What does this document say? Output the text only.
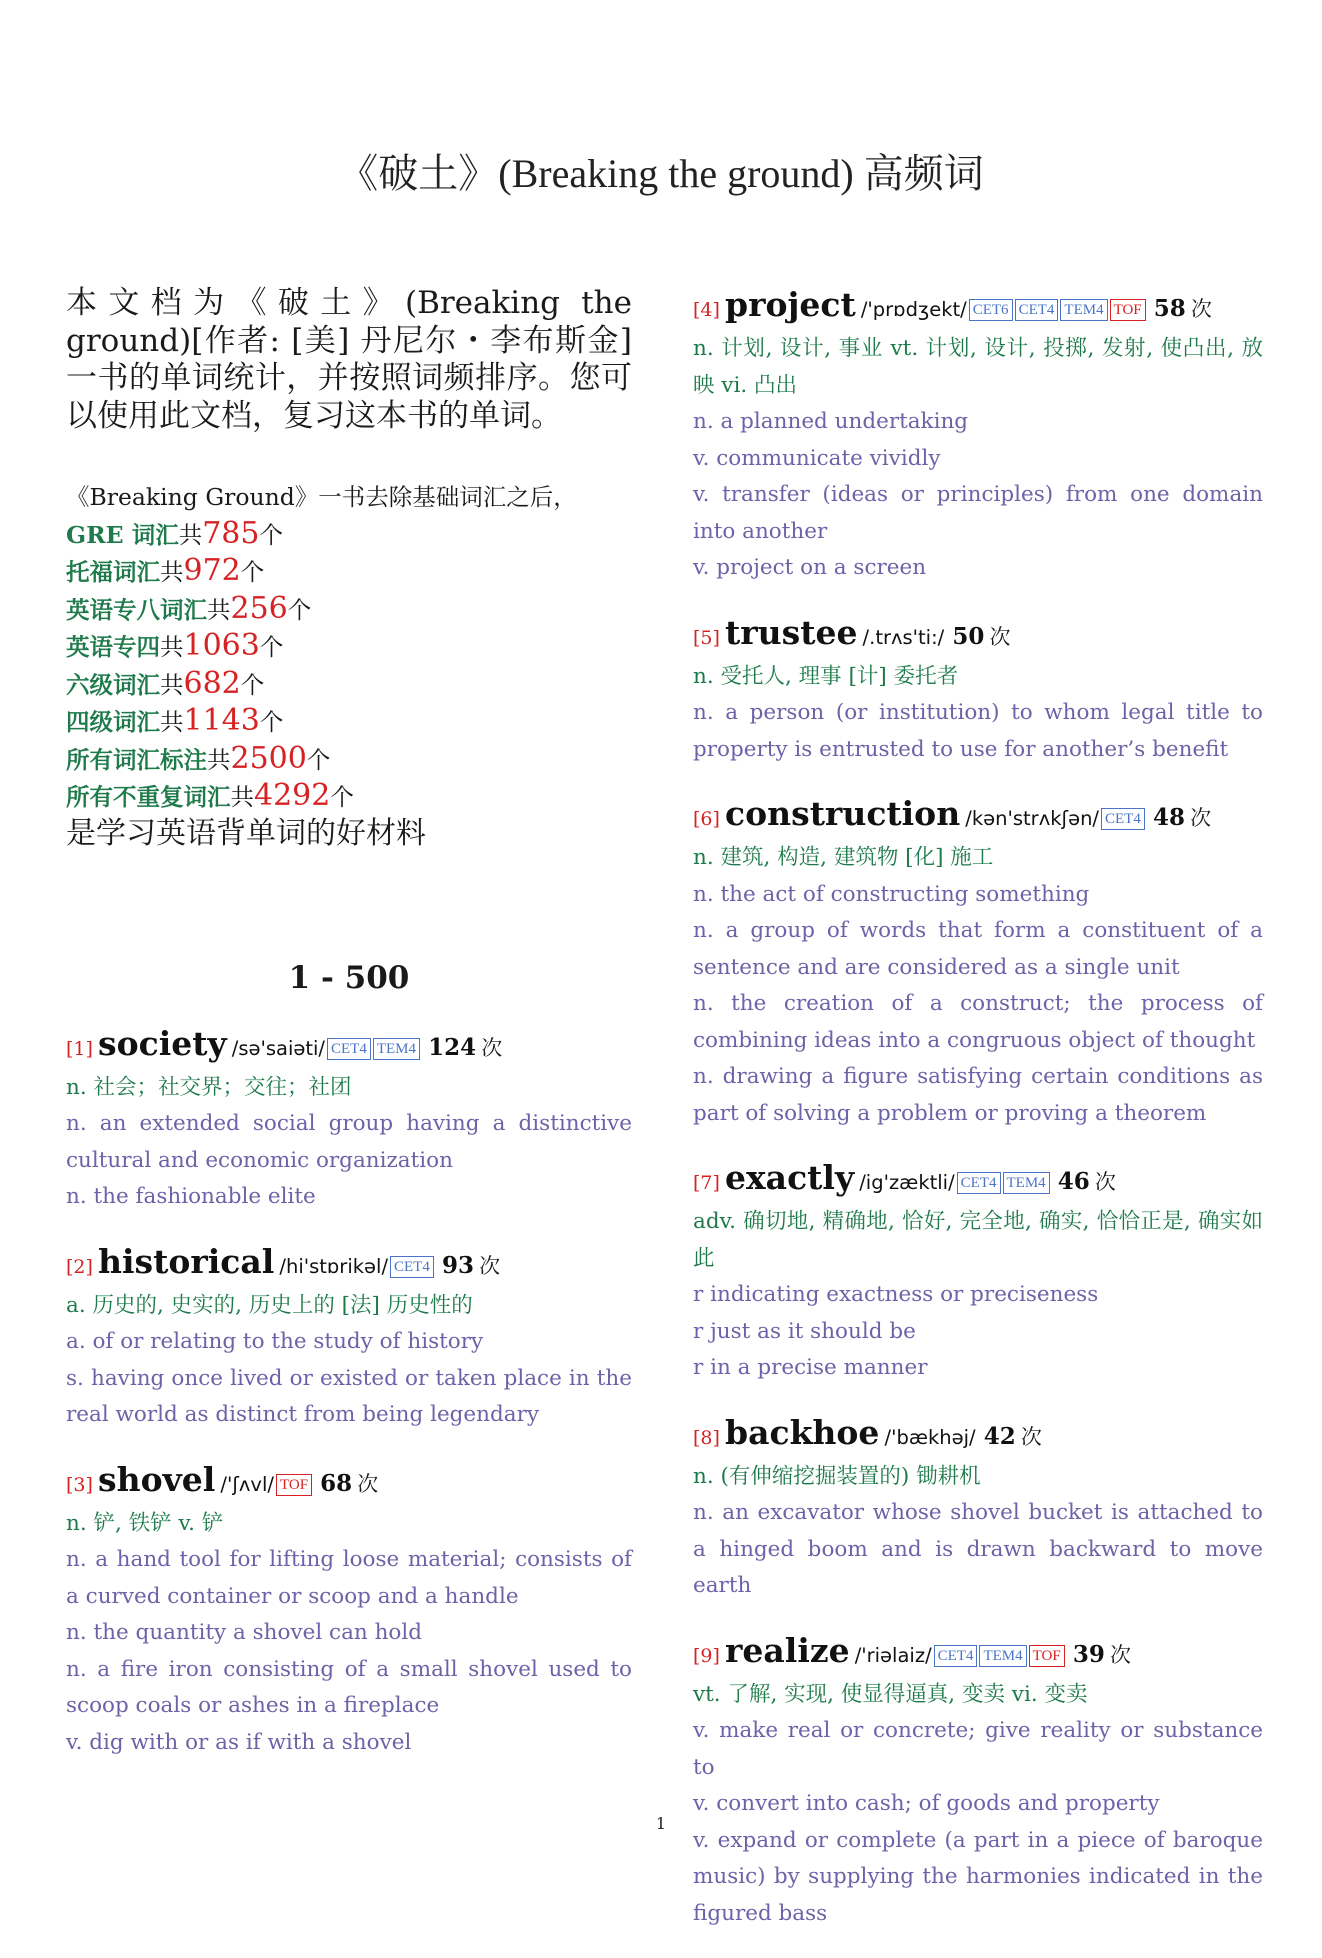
《破土》(Breaking the ground) 高频词

本文档为《破土》(Breaking the ground)[作者: [美] 丹尼尔・李布斯金] 一书的单词统计，并按照词频排序。您可以使用此文档，复习这本书的单词。

《Breaking Ground》一书去除基础词汇之后，
GRE 词汇共785个
托福词汇共972个
英语专八词汇共256个
英语专四共1063个
六级词汇共682个
四级词汇共1143个
所有词汇标注共2500个
所有不重复词汇共4292个
是学习英语背单词的好材料
1 - 500
[1] society /sə'saiəti/ CET4 TEM4 124 次

n. 社会；社交界；交往；社团

n. an extended social group having a distinctive cultural and economic organization

n. the fashionable elite

[2] historical /hi'stɒrikəl/ CET4 93 次

a. 历史的, 史实的, 历史上的 [法] 历史性的

a. of or relating to the study of history

s. having once lived or existed or taken place in the real world as distinct from being legendary

[3] shovel /'ʃʌvl/ TOF 68 次

n. 铲, 铁铲 v. 铲

n. a hand tool for lifting loose material; consists of a curved container or scoop and a handle

n. the quantity a shovel can hold

n. a fire iron consisting of a small shovel used to scoop coals or ashes in a fireplace

v. dig with or as if with a shovel

[4] project /'prɒdʒekt/ CET6 CET4 TEM4 TOF 58 次

n. 计划, 设计, 事业 vt. 计划, 设计, 投掷, 发射, 使凸出, 放映 vi. 凸出

n. a planned undertaking

v. communicate vividly

v. transfer (ideas or principles) from one domain into another

v. project on a screen

[5] trustee /.trʌs'ti:/ 50 次

n. 受托人, 理事 [计] 委托者

n. a person (or institution) to whom legal title to property is entrusted to use for another’s benefit

[6] construction /kən'strʌkʃən/ CET4 48 次

n. 建筑, 构造, 建筑物 [化] 施工

n. the act of constructing something

n. a group of words that form a constituent of a sentence and are considered as a single unit

n. the creation of a construct; the process of combining ideas into a congruous object of thought

n. drawing a figure satisfying certain conditions as part of solving a problem or proving a theorem

[7] exactly /ig'zæktli/ CET4 TEM4 46 次

adv. 确切地, 精确地, 恰好, 完全地, 确实, 恰恰正是, 确实如此

r indicating exactness or preciseness

r just as it should be

r in a precise manner

[8] backhoe /'bækhəj/ 42 次

n. (有伸缩挖掘装置的) 锄耕机

n. an excavator whose shovel bucket is attached to a hinged boom and is drawn backward to move earth

[9] realize /'riəlaiz/ CET4 TEM4 TOF 39 次

vt. 了解, 实现, 使显得逼真, 变卖 vi. 变卖

v. make real or concrete; give reality or substance to

v. convert into cash; of goods and property

v. expand or complete (a part in a piece of baroque music) by supplying the harmonies indicated in the figured bass

1
